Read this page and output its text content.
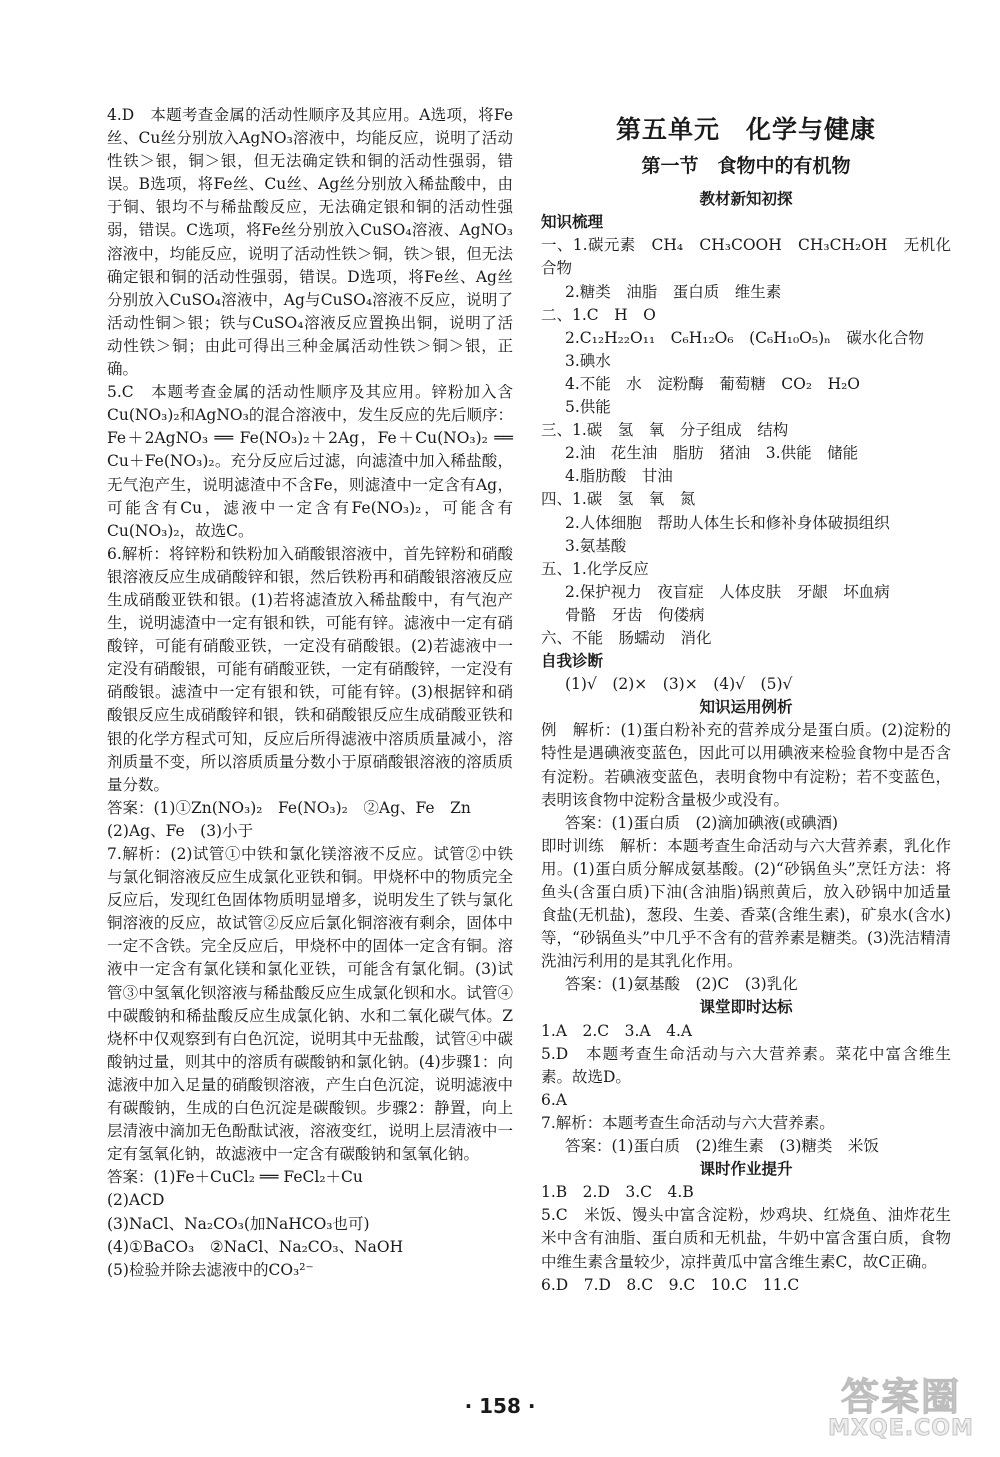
4.D　本题考查金属的活动性顺序及其应用。A选项，将Fe丝、Cu丝分别放入AgNO₃溶液中，均能反应，说明了活动性铁＞银，铜＞银，但无法确定铁和铜的活动性强弱，错误。B选项，将Fe丝、Cu丝、Ag丝分别放入稀盐酸中，由于铜、银均不与稀盐酸反应，无法确定银和铜的活动性强弱，错误。C选项，将Fe丝分别放入CuSO₄溶液、AgNO₃溶液中，均能反应，说明了活动性铁＞铜，铁＞银，但无法确定银和铜的活动性强弱，错误。D选项，将Fe丝、Ag丝分别放入CuSO₄溶液中，Ag与CuSO₄溶液不反应，说明了活动性铜＞银；铁与CuSO₄溶液反应置换出铜，说明了活动性铁＞铜；由此可得出三种金属活动性铁＞铜＞银，正确。

5.C　本题考查金属的活动性顺序及其应用。锌粉加入含Cu(NO₃)₂和AgNO₃的混合溶液中，发生反应的先后顺序：Fe＋2AgNO₃ ══ Fe(NO₃)₂＋2Ag，Fe＋Cu(NO₃)₂ ══ Cu＋Fe(NO₃)₂。充分反应后过滤，向滤渣中加入稀盐酸，无气泡产生，说明滤渣中不含Fe，则滤渣中一定含有Ag，可能含有Cu，滤液中一定含有Fe(NO₃)₂，可能含有Cu(NO₃)₂，故选C。

6.解析：将锌粉和铁粉加入硝酸银溶液中，首先锌粉和硝酸银溶液反应生成硝酸锌和银，然后铁粉再和硝酸银溶液反应生成硝酸亚铁和银。(1)若将滤渣放入稀盐酸中，有气泡产生，说明滤渣中一定有银和铁，可能有锌。滤液中一定有硝酸锌，可能有硝酸亚铁，一定没有硝酸银。(2)若滤液中一定没有硝酸银，可能有硝酸亚铁，一定有硝酸锌，一定没有硝酸银。滤渣中一定有银和铁，可能有锌。(3)根据锌和硝酸银反应生成硝酸锌和银，铁和硝酸银反应生成硝酸亚铁和银的化学方程式可知，反应后所得滤液中溶质质量减小，溶剂质量不变，所以溶质质量分数小于原硝酸银溶液的溶质质量分数。

答案：(1)①Zn(NO₃)₂　Fe(NO₃)₂　②Ag、Fe　Zn

(2)Ag、Fe　(3)小于

7.解析：(2)试管①中铁和氯化镁溶液不反应。试管②中铁与氯化铜溶液反应生成氯化亚铁和铜。甲烧杯中的物质完全反应后，发现红色固体物质明显增多，说明发生了铁与氯化铜溶液的反应，故试管②反应后氯化铜溶液有剩余，固体中一定不含铁。完全反应后，甲烧杯中的固体一定含有铜。溶液中一定含有氯化镁和氯化亚铁，可能含有氯化铜。(3)试管③中氢氧化钡溶液与稀盐酸反应生成氯化钡和水。试管④中碳酸钠和稀盐酸反应生成氯化钠、水和二氧化碳气体。Z烧杯中仅观察到有白色沉淀，说明其中无盐酸，试管④中碳酸钠过量，则其中的溶质有碳酸钠和氯化钠。(4)步骤1：向滤液中加入足量的硝酸钡溶液，产生白色沉淀，说明滤液中有碳酸钠，生成的白色沉淀是碳酸钡。步骤2：静置，向上层清液中滴加无色酚酞试液，溶液变红，说明上层清液中一定有氢氧化钠，故滤液中一定含有碳酸钠和氢氧化钠。

答案：(1)Fe＋CuCl₂ ══ FeCl₂＋Cu

(2)ACD

(3)NaCl、Na₂CO₃(加NaHCO₃也可)

(4)①BaCO₃　②NaCl、Na₂CO₃、NaOH

(5)检验并除去滤液中的CO₃²⁻

第五单元　化学与健康
第一节　食物中的有机物
教材新知初探
知识梳理

一、1.碳元素　CH₄　CH₃COOH　CH₃CH₂OH　无机化合物

2.糖类　油脂　蛋白质　维生素

二、1.C　H　O

2.C₁₂H₂₂O₁₁　C₆H₁₂O₆　(C₆H₁₀O₅)ₙ　碳水化合物

3.碘水

4.不能　水　淀粉酶　葡萄糖　CO₂　H₂O

5.供能

三、1.碳　氢　氧　分子组成　结构

2.油　花生油　脂肪　猪油　3.供能　储能

4.脂肪酸　甘油

四、1.碳　氢　氧　氮

2.人体细胞　帮助人体生长和修补身体破损组织

3.氨基酸

五、1.化学反应

2.保护视力　夜盲症　人体皮肤　牙龈　坏血病

骨骼　牙齿　佝偻病

六、不能　肠蠕动　消化

自我诊断

(1)√　(2)×　(3)×　(4)√　(5)√

知识运用例析

例　解析：(1)蛋白粉补充的营养成分是蛋白质。(2)淀粉的特性是遇碘液变蓝色，因此可以用碘液来检验食物中是否含有淀粉。若碘液变蓝色，表明食物中有淀粉；若不变蓝色，表明该食物中淀粉含量极少或没有。

答案：(1)蛋白质　(2)滴加碘液(或碘酒)

即时训练　解析：本题考查生命活动与六大营养素，乳化作用。(1)蛋白质分解成氨基酸。(2)“砂锅鱼头”烹饪方法：将鱼头(含蛋白质)下油(含油脂)锅煎黄后，放入砂锅中加适量食盐(无机盐)，葱段、生姜、香菜(含维生素)，矿泉水(含水)等，“砂锅鱼头”中几乎不含有的营养素是糖类。(3)洗洁精清洗油污利用的是其乳化作用。

答案：(1)氨基酸　(2)C　(3)乳化

课堂即时达标

1.A　2.C　3.A　4.A

5.D　本题考查生命活动与六大营养素。菜花中富含维生素。故选D。

6.A

7.解析：本题考查生命活动与六大营养素。

答案：(1)蛋白质　(2)维生素　(3)糖类　米饭

课时作业提升

1.B　2.D　3.C　4.B

5.C　米饭、馒头中富含淀粉，炒鸡块、红烧鱼、油炸花生米中含有油脂、蛋白质和无机盐，牛奶中富含蛋白质，食物中维生素含量较少，凉拌黄瓜中富含维生素C，故C正确。

6.D　7.D　8.C　9.C　10.C　11.C

· 158 ·	答案圈
MXQE.COM
